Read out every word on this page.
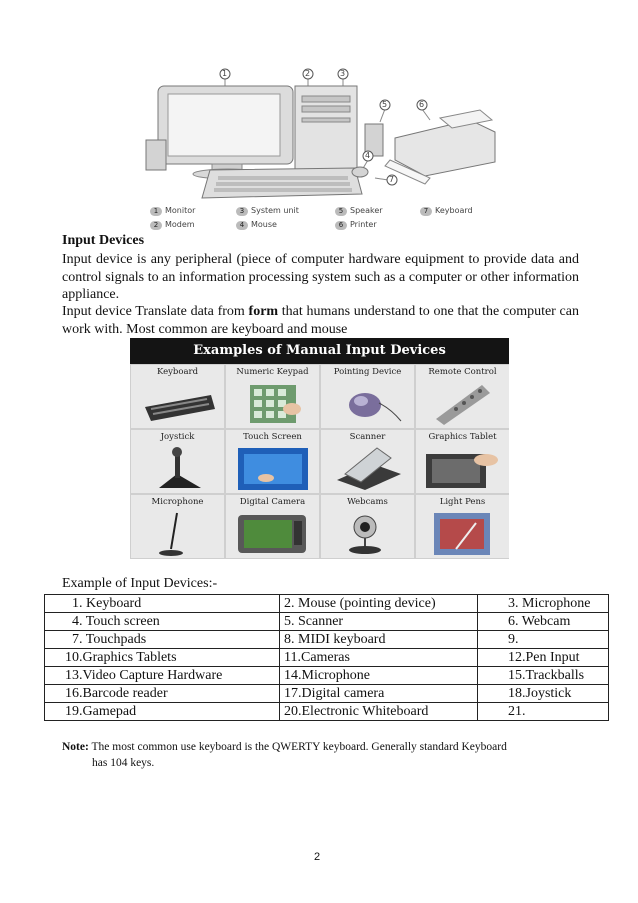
1	2	3
5	6
4
7
1 Monitor	3 System unit	5 Speaker	7 Keyboard
2 Modem	4 Mouse	6 Printer
Input Devices
Input device is any peripheral (piece of computer hardware equipment to provide data and control signals to an information processing system such as a computer or other information appliance.
Input device Translate data from form that humans understand to one that the computer can work with. Most common are keyboard and mouse
Examples of Manual Input Devices
Keyboard	Numeric Keypad	Pointing Device	Remote Control
Joystick	Touch Screen	Scanner	Graphics Tablet
Microphone	Digital Camera	Webcams	Light Pens
Example of Input Devices:-
1. Keyboard	2. Mouse (pointing device)	3. Microphone
4. Touch screen	5. Scanner	6. Webcam
7. Touchpads	8. MIDI keyboard	9.
10.Graphics Tablets	11.Cameras	12.Pen Input
13.Video Capture Hardware	14.Microphone	15.Trackballs
16.Barcode reader	17.Digital camera	18.Joystick
19.Gamepad	20.Electronic Whiteboard	21.
Note: The most common use keyboard is the QWERTY keyboard. Generally standard Keyboard
has 104 keys.
2
